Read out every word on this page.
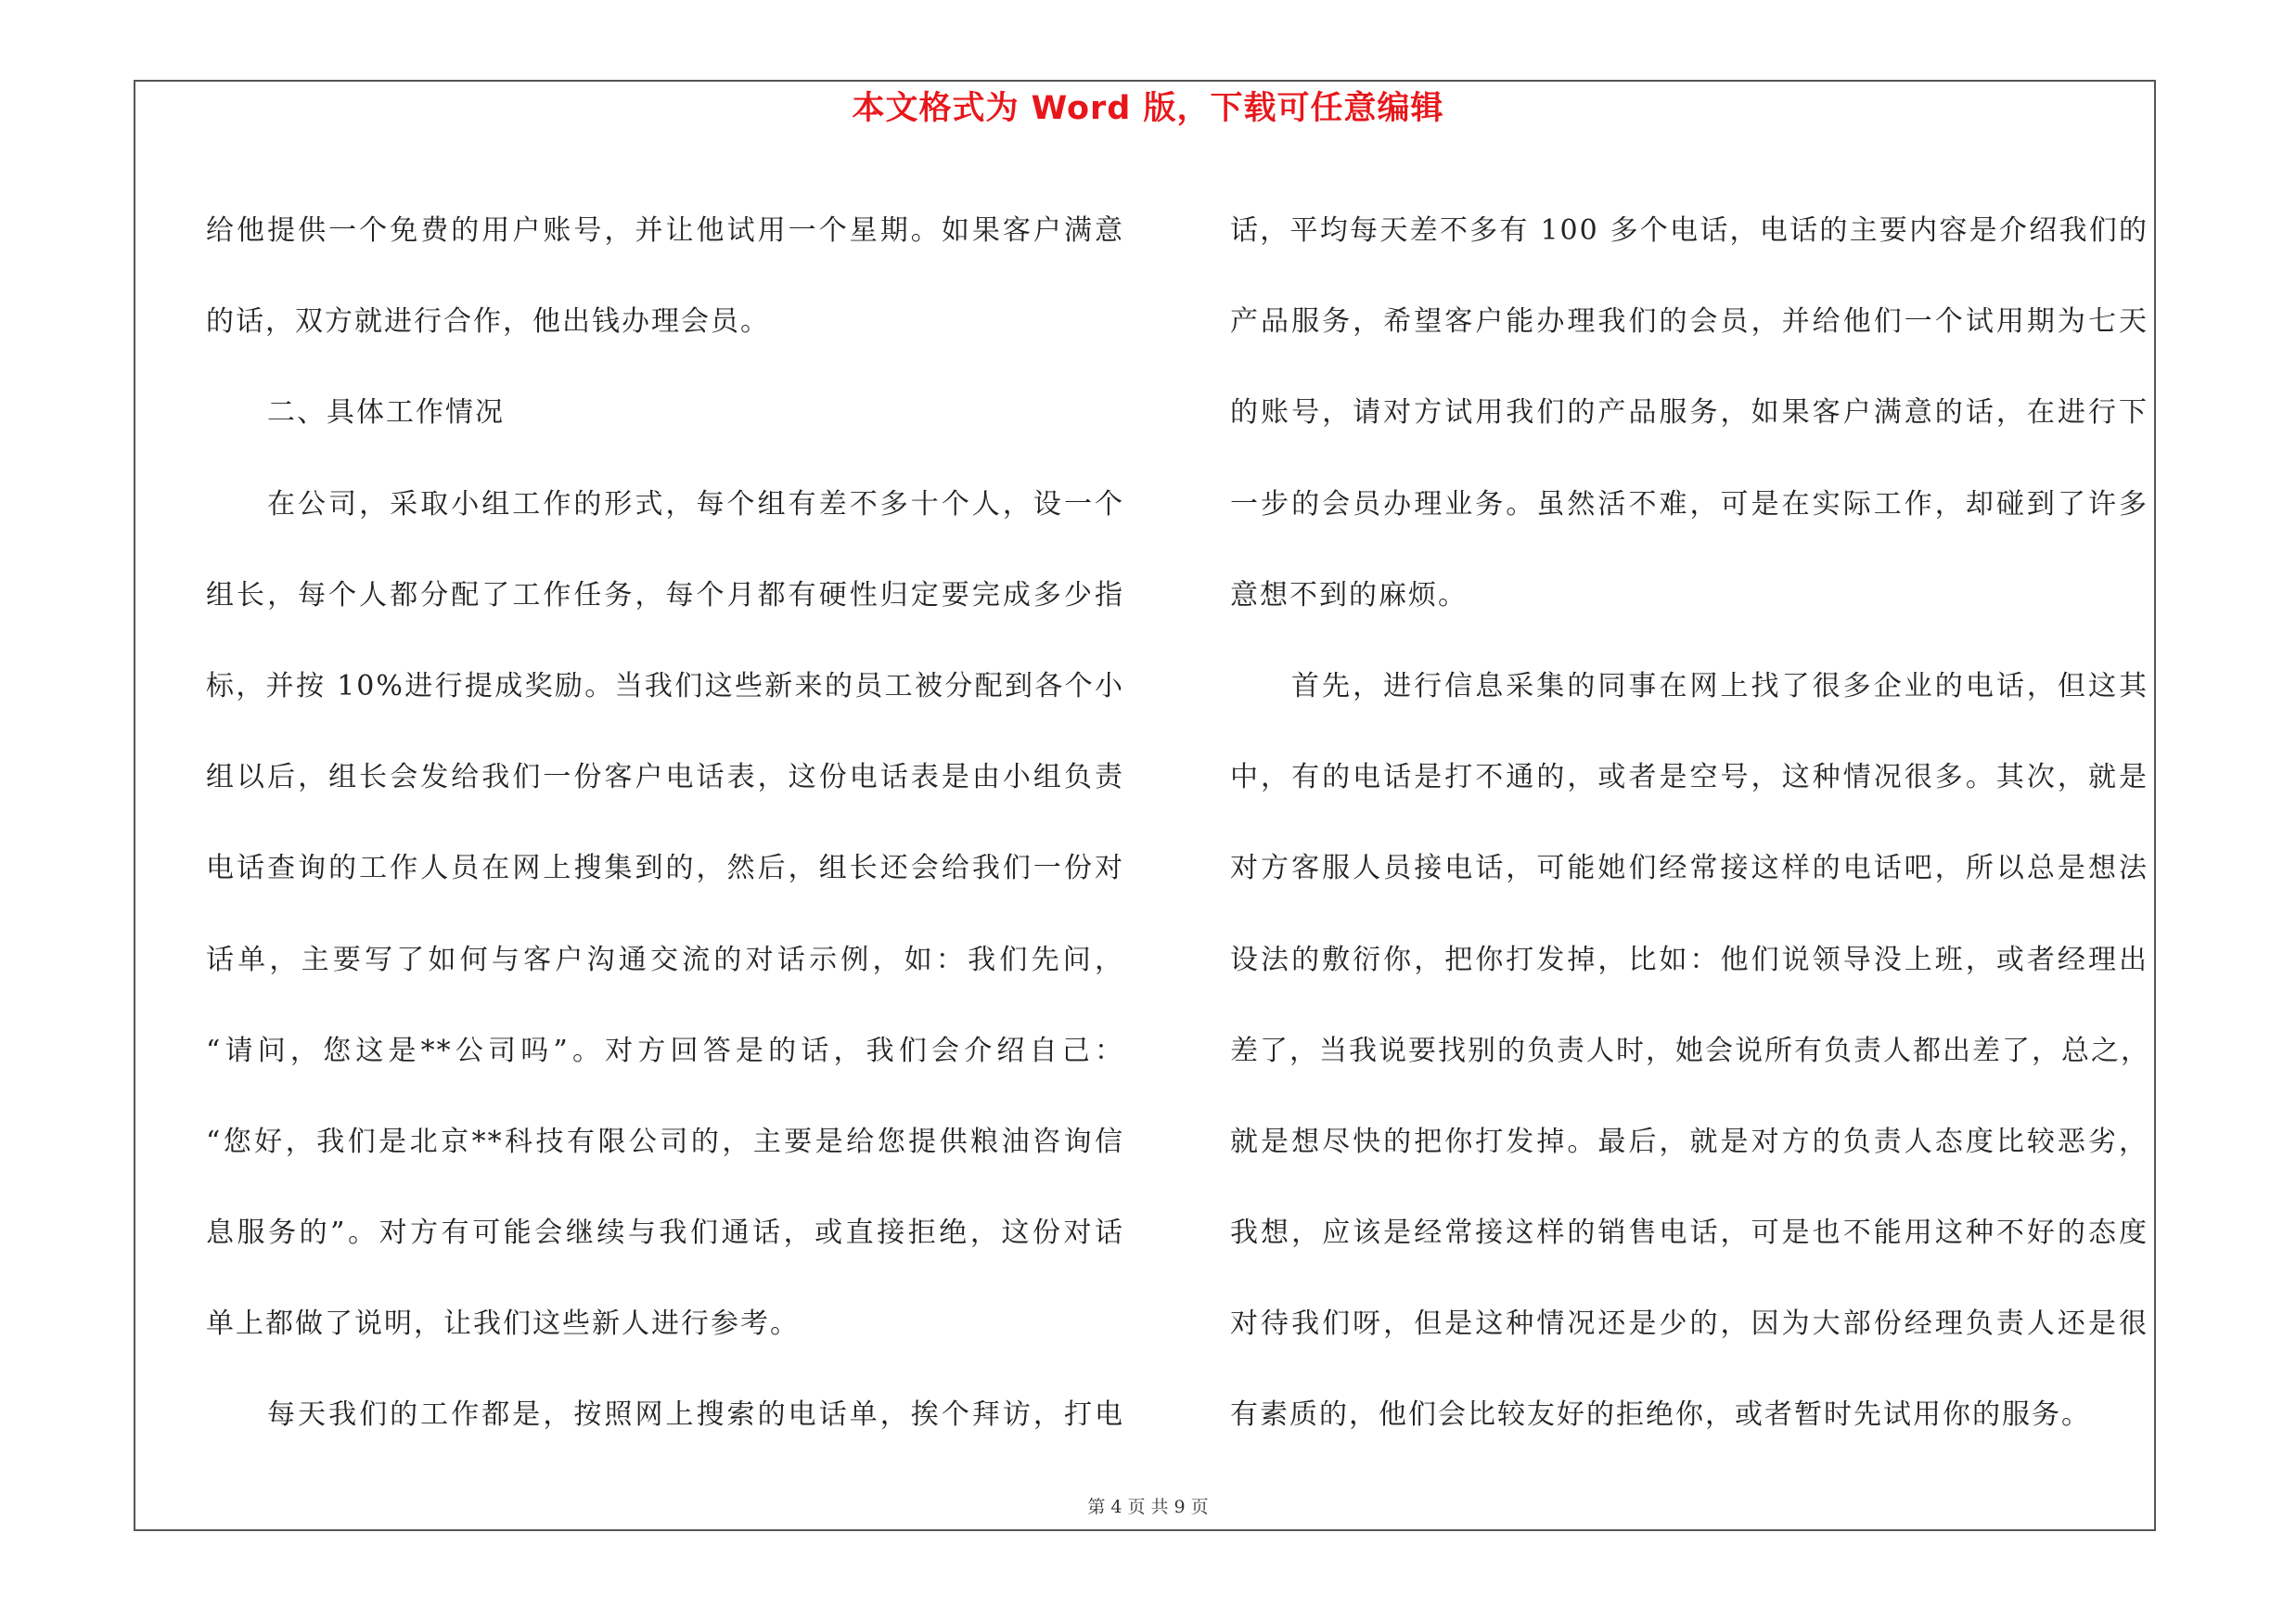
本文格式为 Word 版，下载可任意编辑
给他提供一个免费的用户账号，并让他试用一个星期。如果客户满意
的话，双方就进行合作，他出钱办理会员。
二、具体工作情况
在公司，采取小组工作的形式，每个组有差不多十个人，设一个
组长，每个人都分配了工作任务，每个月都有硬性归定要完成多少指
标，并按 10%进行提成奖励。当我们这些新来的员工被分配到各个小
组以后，组长会发给我们一份客户电话表，这份电话表是由小组负责
电话查询的工作人员在网上搜集到的，然后，组长还会给我们一份对
话单，主要写了如何与客户沟通交流的对话示例，如：我们先问，
“请问，您这是**公司吗”。对方回答是的话，我们会介绍自己：
“您好，我们是北京**科技有限公司的，主要是给您提供粮油咨询信
息服务的”。对方有可能会继续与我们通话，或直接拒绝，这份对话
单上都做了说明，让我们这些新人进行参考。
每天我们的工作都是，按照网上搜索的电话单，挨个拜访，打电
话，平均每天差不多有 100 多个电话，电话的主要内容是介绍我们的
产品服务，希望客户能办理我们的会员，并给他们一个试用期为七天
的账号，请对方试用我们的产品服务，如果客户满意的话，在进行下
一步的会员办理业务。虽然活不难，可是在实际工作，却碰到了许多
意想不到的麻烦。
首先，进行信息采集的同事在网上找了很多企业的电话，但这其
中，有的电话是打不通的，或者是空号，这种情况很多。其次，就是
对方客服人员接电话，可能她们经常接这样的电话吧，所以总是想法
设法的敷衍你，把你打发掉，比如：他们说领导没上班，或者经理出
差了，当我说要找别的负责人时，她会说所有负责人都出差了，总之，
就是想尽快的把你打发掉。最后，就是对方的负责人态度比较恶劣，
我想，应该是经常接这样的销售电话，可是也不能用这种不好的态度
对待我们呀，但是这种情况还是少的，因为大部份经理负责人还是很
有素质的，他们会比较友好的拒绝你，或者暂时先试用你的服务。
第 4 页 共 9 页
